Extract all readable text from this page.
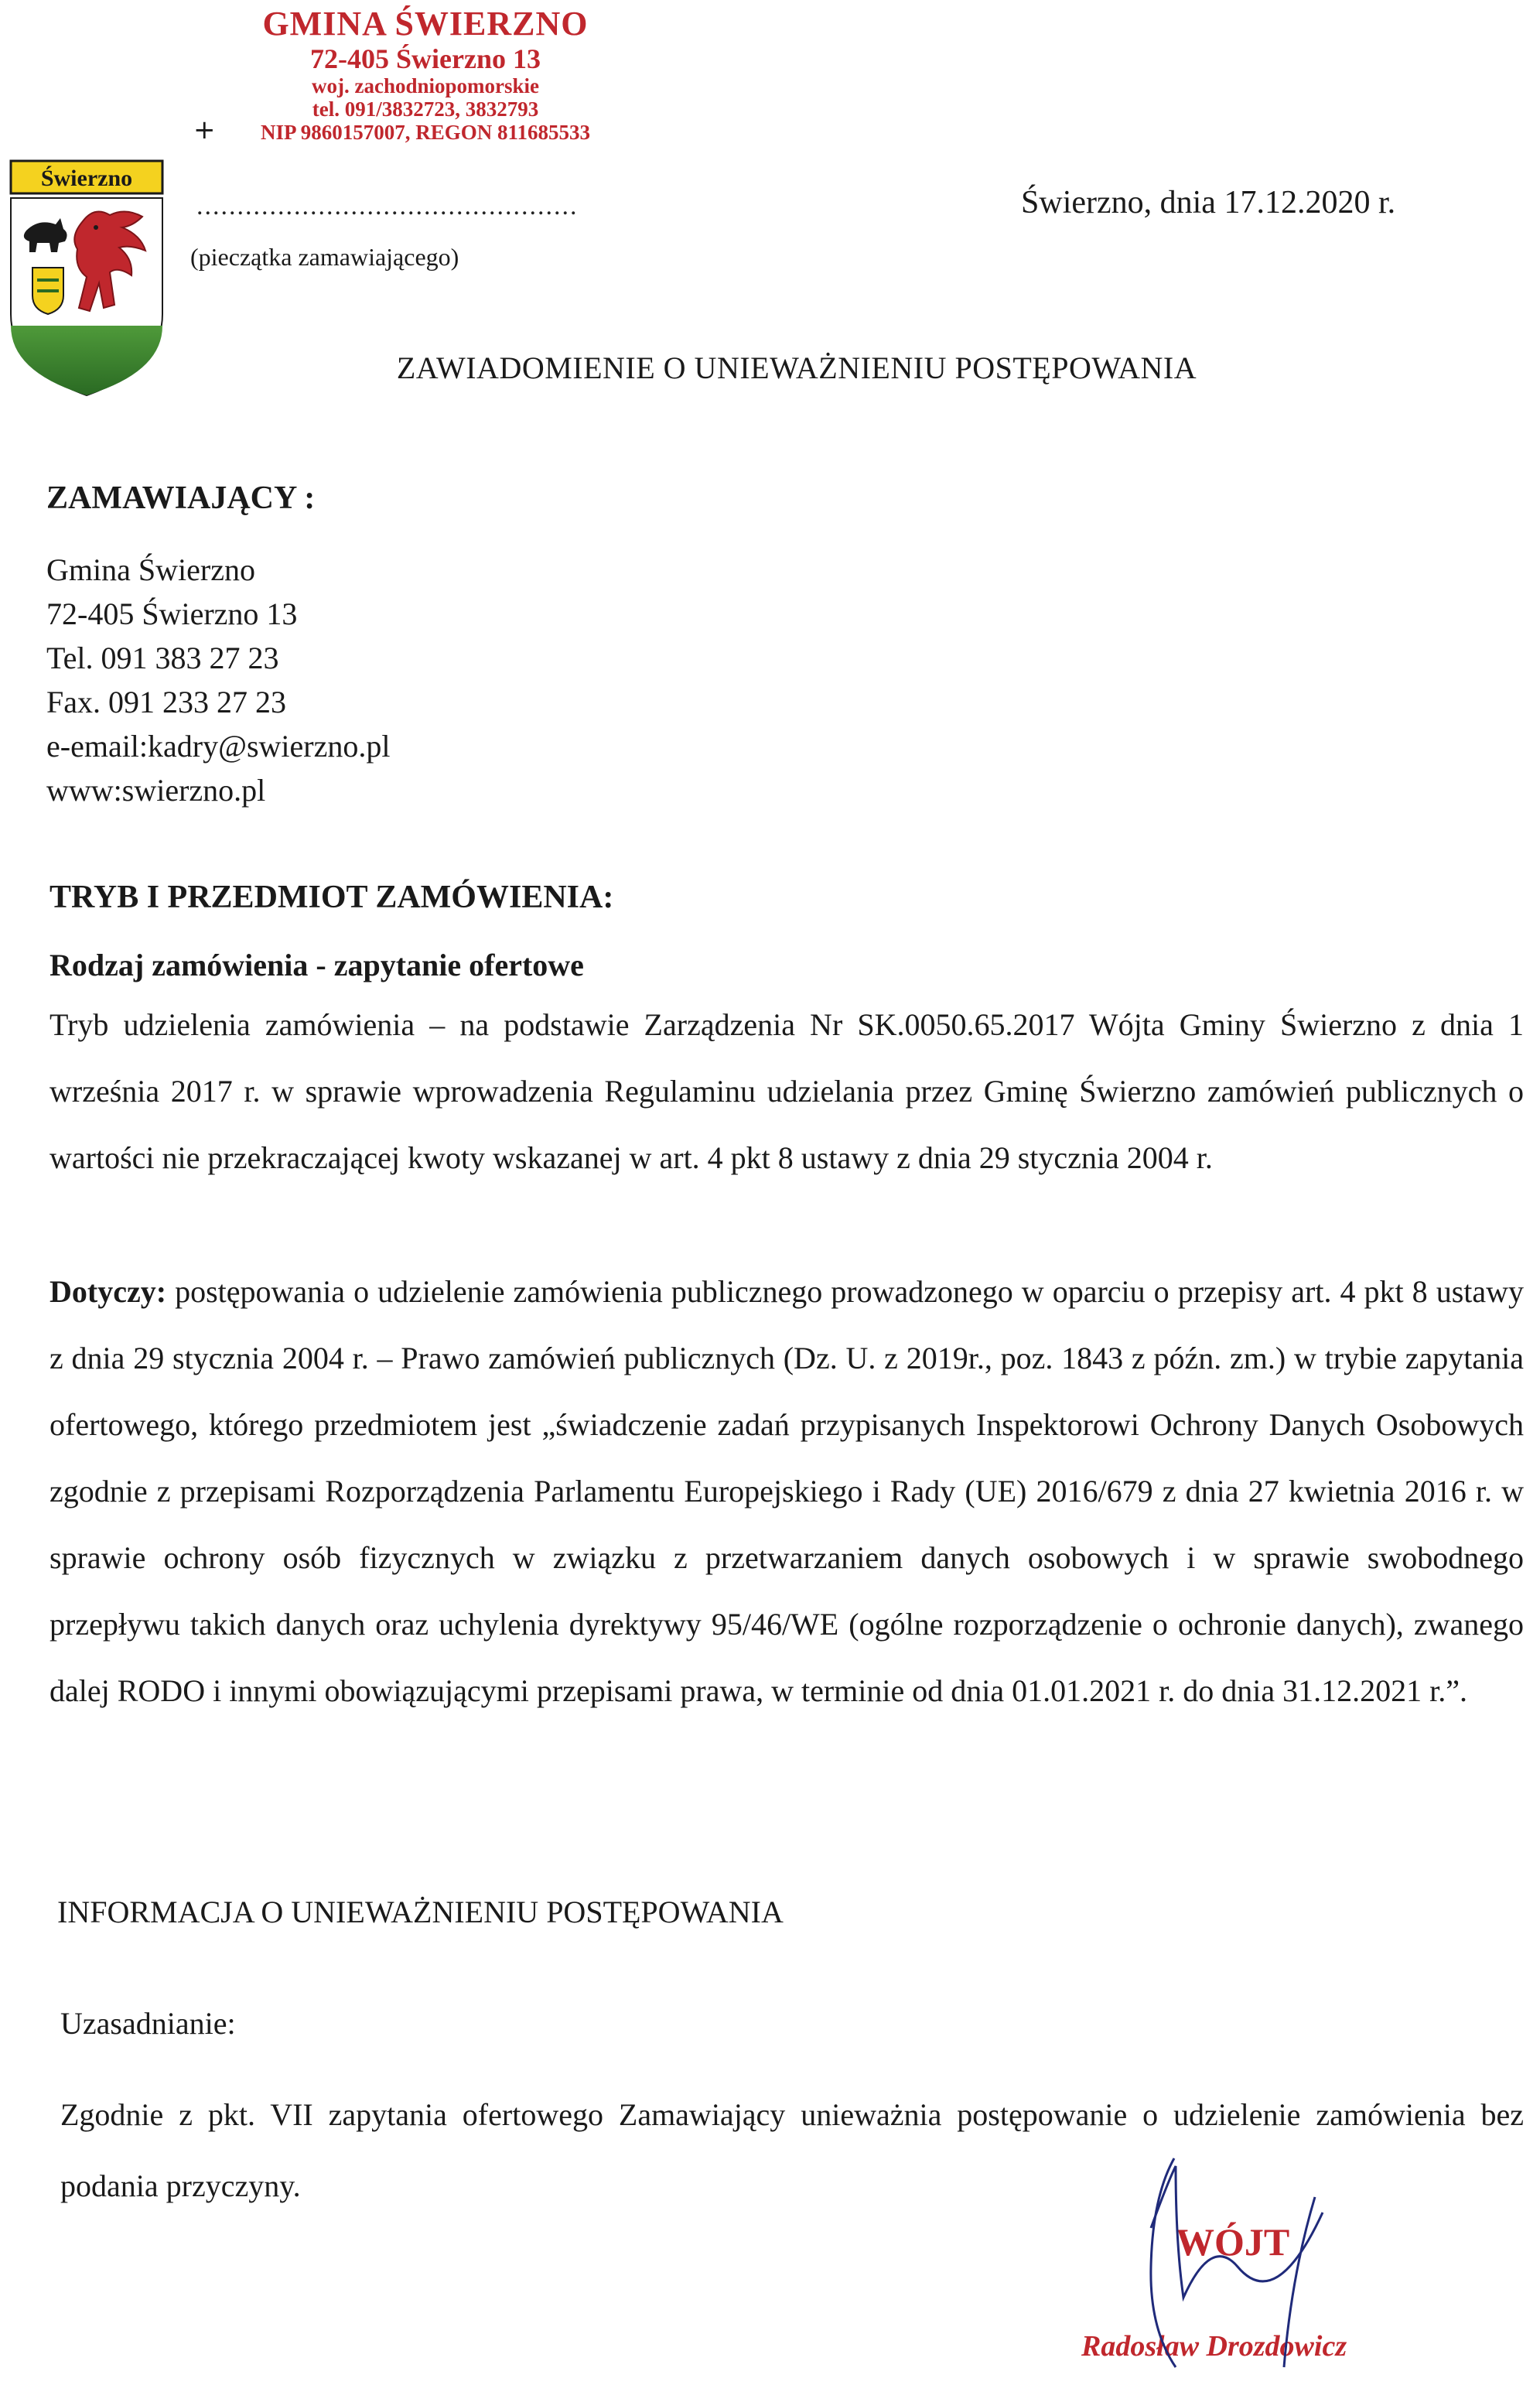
GMINA ŚWIERZNO
72-405 Świerzno 13
woj. zachodniopomorskie
tel. 091/3832723, 3832793
NIP 9860157007, REGON 811685533
+
Świerzno
...............................................
(pieczątka zamawiającego)
Świerzno, dnia 17.12.2020 r.
ZAWIADOMIENIE O UNIEWAŻNIENIU POSTĘPOWANIA
ZAMAWIAJĄCY :
Gmina Świerzno
72-405 Świerzno 13
Tel. 091 383 27 23
Fax. 091 233 27 23
e-email:kadry@swierzno.pl
www:swierzno.pl
TRYB I PRZEDMIOT ZAMÓWIENIA:
Rodzaj zamówienia - zapytanie ofertowe
Tryb udzielenia zamówienia – na podstawie Zarządzenia Nr SK.0050.65.2017 Wójta Gminy Świerzno z dnia 1 września 2017 r. w sprawie wprowadzenia Regulaminu udzielania przez Gminę Świerzno zamówień publicznych o wartości nie przekraczającej kwoty wskazanej w art. 4 pkt 8 ustawy z dnia 29 stycznia 2004 r.
Dotyczy: postępowania o udzielenie zamówienia publicznego prowadzonego w oparciu o przepisy art. 4 pkt 8 ustawy z dnia 29 stycznia 2004 r. – Prawo zamówień publicznych (Dz. U. z 2019r., poz. 1843 z późn. zm.) w trybie zapytania ofertowego, którego przedmiotem jest „świadczenie zadań przypisanych Inspektorowi Ochrony Danych Osobowych zgodnie z przepisami Rozporządzenia Parlamentu Europejskiego i Rady (UE) 2016/679 z dnia 27 kwietnia 2016 r. w sprawie ochrony osób fizycznych w związku z przetwarzaniem danych osobowych i w sprawie swobodnego przepływu takich danych oraz uchylenia dyrektywy 95/46/WE (ogólne rozporządzenie o ochronie danych), zwanego dalej RODO i innymi obowiązującymi przepisami prawa, w terminie od dnia 01.01.2021 r. do dnia 31.12.2021 r.”.
INFORMACJA O UNIEWAŻNIENIU POSTĘPOWANIA
Uzasadnianie:
Zgodnie z pkt. VII zapytania ofertowego Zamawiający unieważnia postępowanie o udzielenie zamówienia bez podania przyczyny.
WÓJT
Radosław Drozdowicz
